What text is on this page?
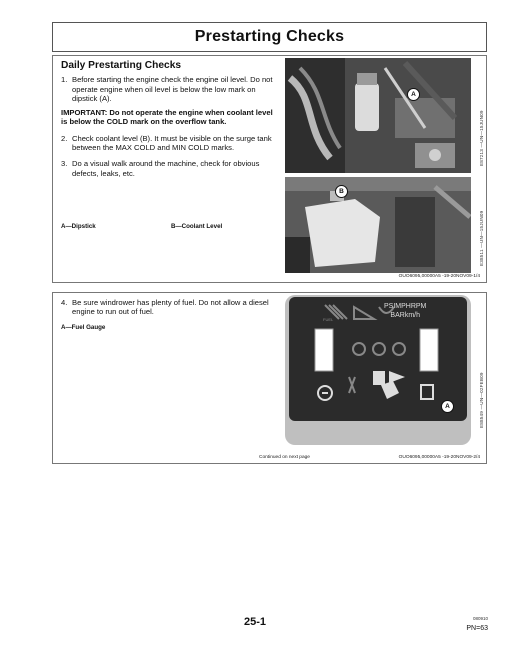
Prestarting Checks
Daily Prestarting Checks
1. Before starting the engine check the engine oil level. Do not operate engine when oil level is below the low mark on dipstick (A).
IMPORTANT: Do not operate the engine when coolant level is below the COLD mark on the overflow tank.
2. Check coolant level (B). It must be visible on the surge tank between the MAX COLD and MIN COLD marks.
3. Do a visual walk around the machine, check for obvious defects, leaks, etc.
A—Dipstick	B—Coolant Level
A
E87213 —UN—15JUN09
B
E38511 —UN—15JUN09
OUO6095,00000A5 -19-20NOV09-1/4
4. Be sure windrower has plenty of fuel. Do not allow a diesel engine to run out of fuel.
A—Fuel Gauge
PSIMPHRPM
BARkm/h
FUEL
A	E88549 —UN—02FEB09
Continued on next page	OUO6095,00000A5 -19-20NOV09-2/4
25-1	080910
PN=63
